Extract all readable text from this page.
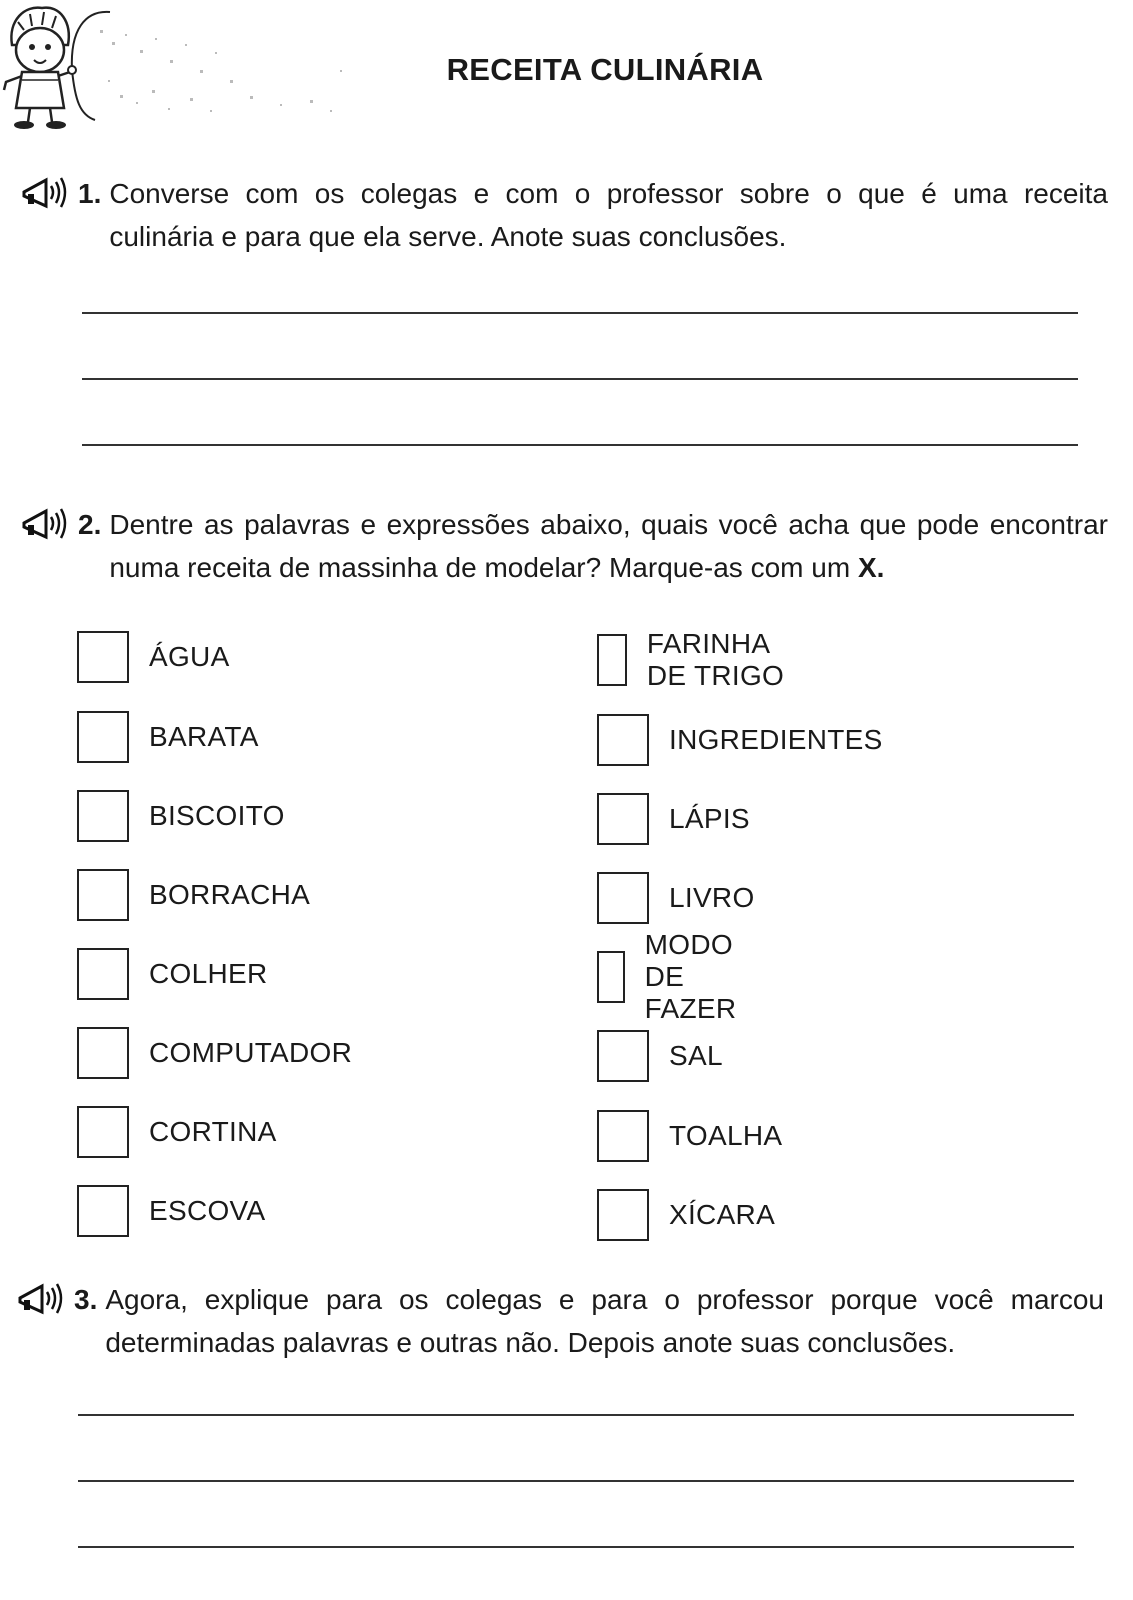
RECEITA CULINÁRIA
1. Converse com os colegas e com o professor sobre o que é uma receita culinária e para que ela serve. Anote suas conclusões.
2. Dentre as palavras e expressões abaixo, quais você acha que pode encontrar numa receita de massinha de modelar? Marque-as com um X.
ÁGUA
BARATA
BISCOITO
BORRACHA
COLHER
COMPUTADOR
CORTINA
ESCOVA
FARINHA DE TRIGO
INGREDIENTES
LÁPIS
LIVRO
MODO DE FAZER
SAL
TOALHA
XÍCARA
3. Agora, explique para os colegas e para o professor porque você marcou determinadas palavras e outras não. Depois anote suas conclusões.
